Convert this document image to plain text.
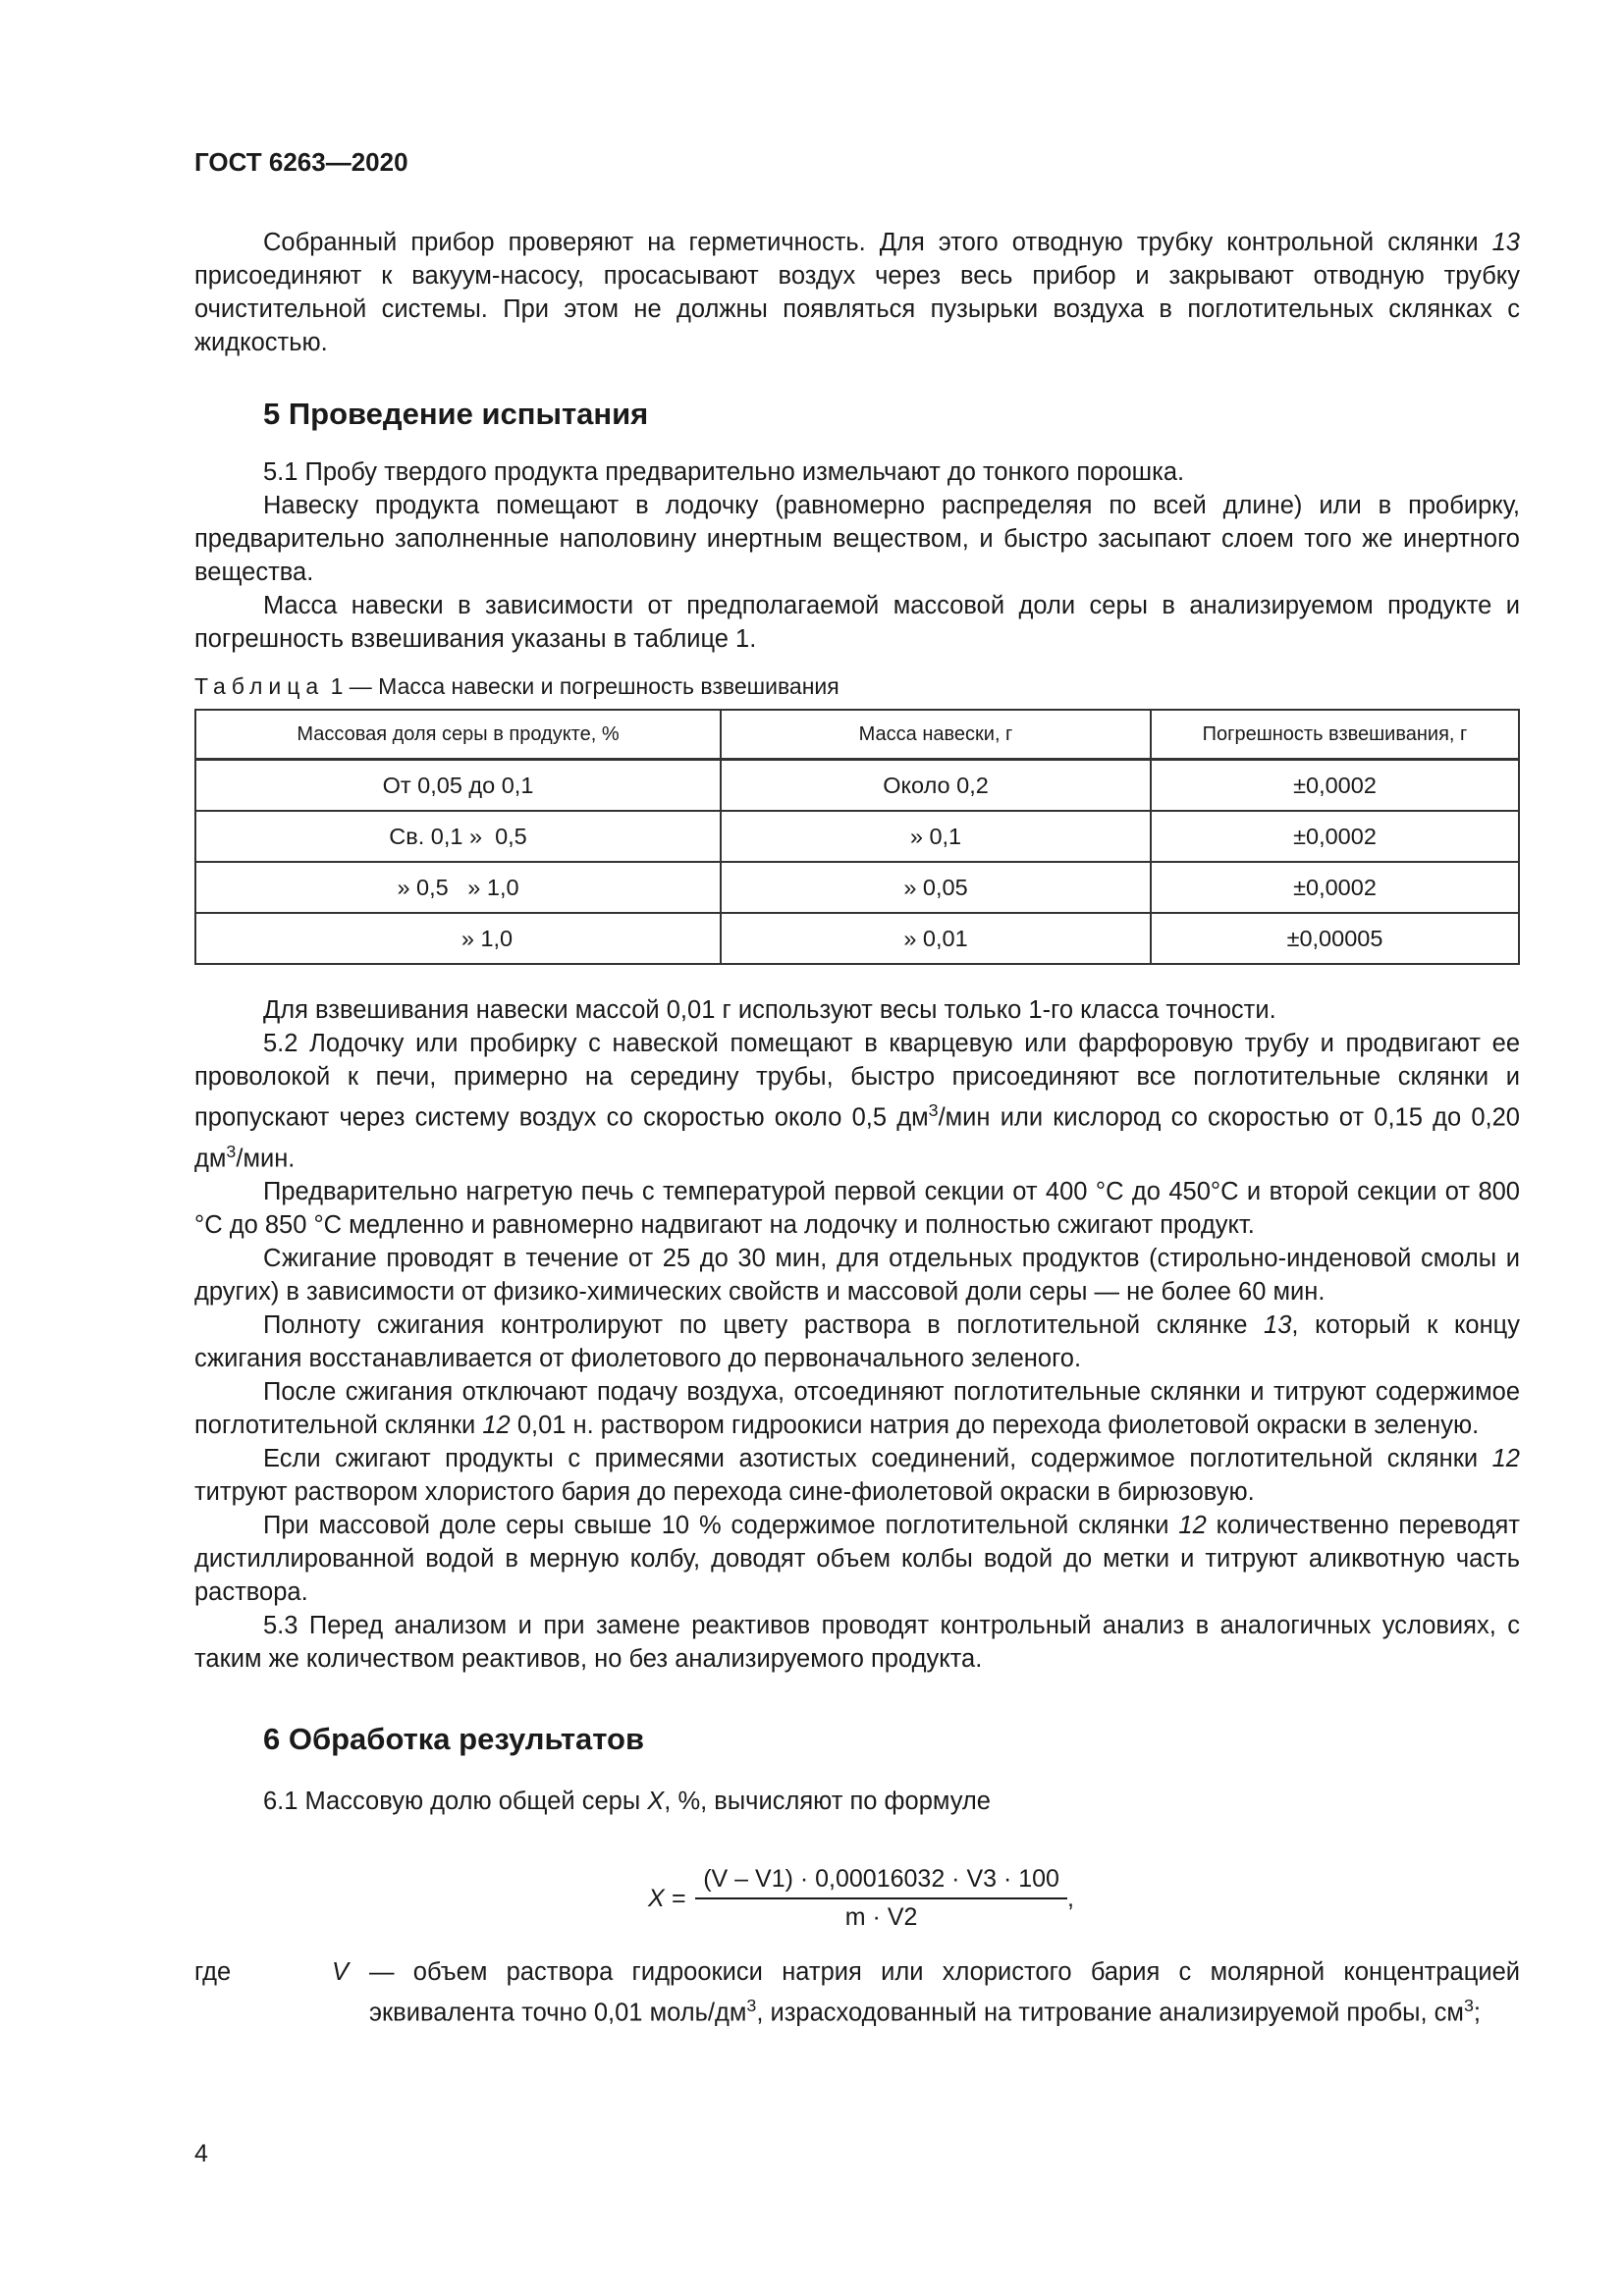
ГОСТ 6263—2020

Собранный прибор проверяют на герметичность. Для этого отводную трубку контрольной склянки 13 присоединяют к вакуум-насосу, просасывают воздух через весь прибор и закрывают отводную трубку очистительной системы. При этом не должны появляться пузырьки воздуха в поглотительных склянках с жидкостью.

5 Проведение испытания

5.1 Пробу твердого продукта предварительно измельчают до тонкого порошка.

Навеску продукта помещают в лодочку (равномерно распределяя по всей длине) или в пробирку, предварительно заполненные наполовину инертным веществом, и быстро засыпают слоем того же инертного вещества.

Масса навески в зависимости от предполагаемой массовой доли серы в анализируемом продукте и погрешность взвешивания указаны в таблице 1.

Таблица 1 — Масса навески и погрешность взвешивания
Массовая доля серы в продукте, %	Масса навески, г	Погрешность взвешивания, г
От 0,05 до 0,1	Около 0,2	±0,0002
Св. 0,1 »  0,5	» 0,1	±0,0002
» 0,5   » 1,0	» 0,05	±0,0002
» 1,0	» 0,01	±0,00005

Для взвешивания навески массой 0,01 г используют весы только 1-го класса точности.

5.2 Лодочку или пробирку с навеской помещают в кварцевую или фарфоровую трубу и продвигают ее проволокой к печи, примерно на середину трубы, быстро присоединяют все поглотительные склянки и пропускают через систему воздух со скоростью около 0,5 $дм^3$/мин или кислород со скоростью от 0,15 до 0,20 $дм^3$/мин.

Предварительно нагретую печь с температурой первой секции от 400 °С до 450°С и второй секции от 800 °С до 850 °С медленно и равномерно надвигают на лодочку и полностью сжигают продукт.

Сжигание проводят в течение от 25 до 30 мин, для отдельных продуктов (стирольно-инденовой смолы и других) в зависимости от физико-химических свойств и массовой доли серы — не более 60 мин.

Полноту сжигания контролируют по цвету раствора в поглотительной склянке 13, который к концу сжигания восстанавливается от фиолетового до первоначального зеленого.

После сжигания отключают подачу воздуха, отсоединяют поглотительные склянки и титруют содержимое поглотительной склянки 12 0,01 н. раствором гидроокиси натрия до перехода фиолетовой окраски в зеленую.

Если сжигают продукты с примесями азотистых соединений, содержимое поглотительной склянки 12 титруют раствором хлористого бария до перехода сине-фиолетовой окраски в бирюзовую.

При массовой доле серы свыше 10 % содержимое поглотительной склянки 12 количественно переводят дистиллированной водой в мерную колбу, доводят объем колбы водой до метки и титруют аликвотную часть раствора.

5.3 Перед анализом и при замене реактивов проводят контрольный анализ в аналогичных условиях, с таким же количеством реактивов, но без анализируемого продукта.

6 Обработка результатов

6.1 Массовую долю общей серы X, %, вычисляют по формуле

$X = \frac{(V - V1) \cdot 0,00016032 \cdot V3 \cdot 100}{m \cdot V2}$ ,
где	V — объем раствора гидроокиси натрия или хлористого бария с молярной концентрацией эквивалента точно 0,01 моль/$дм^3$, израсходованный на титрование анализируемой пробы, $см^3$;
4
